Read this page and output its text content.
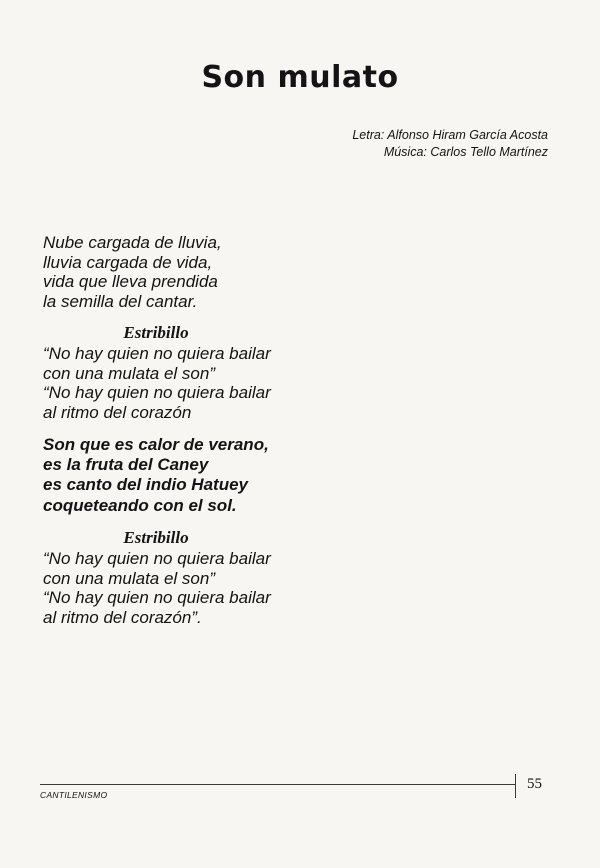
Son mulato
Letra: Alfonso Hiram García Acosta
Música: Carlos Tello Martínez
Nube cargada de lluvia,
lluvia cargada de vida,
vida que lleva prendida
la semilla del cantar.
Estribillo
“No hay quien no quiera bailar
con una mulata el son”
“No hay quien no quiera bailar
al ritmo del corazón
Son que es calor de verano,
es la fruta del Caney
es canto del indio Hatuey
coqueteando con el sol.
Estribillo
“No hay quien no quiera bailar
con una mulata el son”
“No hay quien no quiera bailar
al ritmo del corazón”.
CANTILENISMO
55
